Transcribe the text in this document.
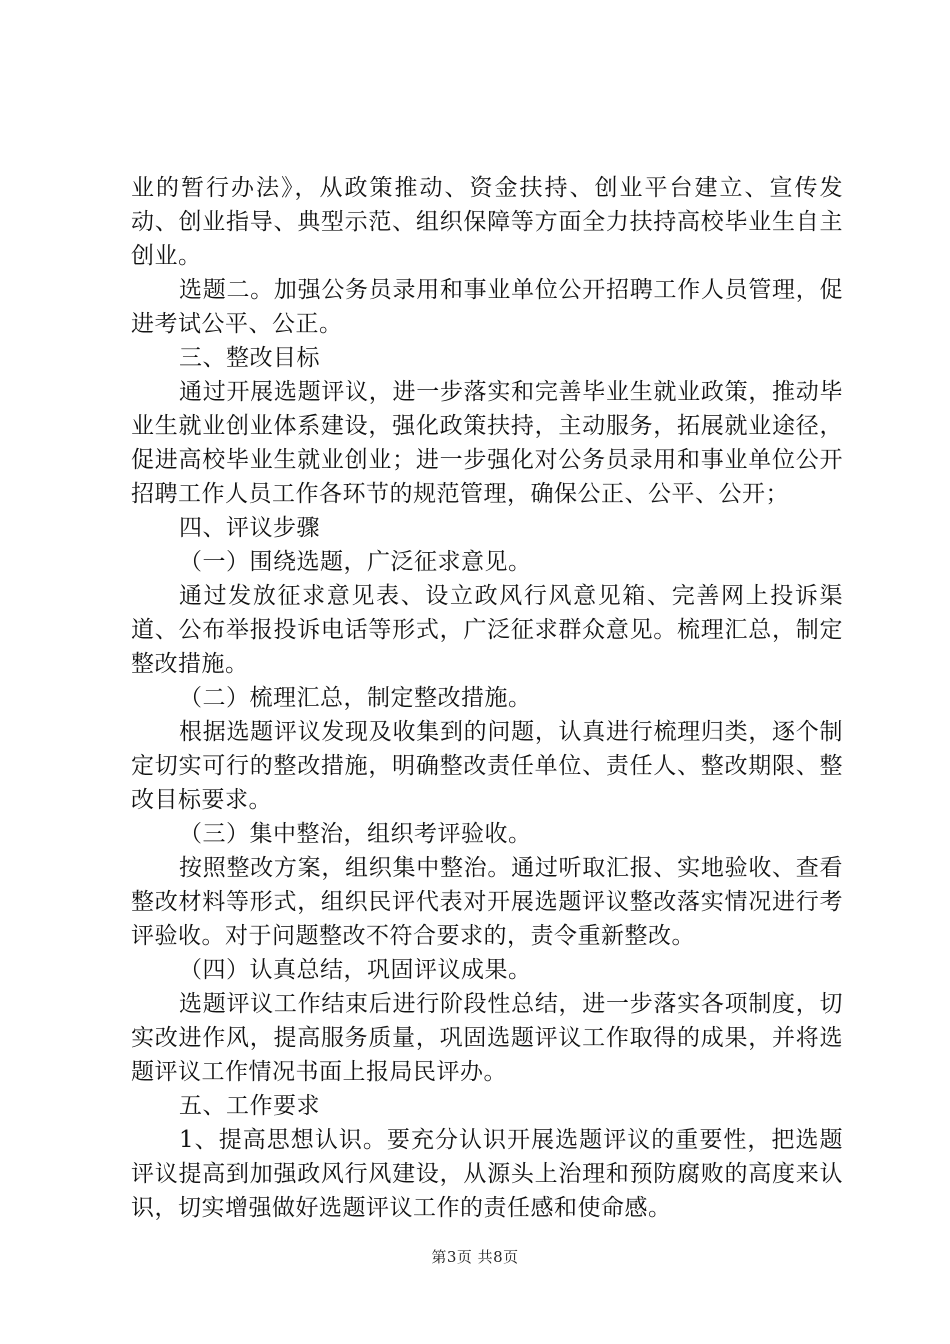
业的暂行办法》，从政策推动、资金扶持、创业平台建立、宣传发动、创业指导、典型示范、组织保障等方面全力扶持高校毕业生自主创业。

选题二。加强公务员录用和事业单位公开招聘工作人员管理，促进考试公平、公正。

三、整改目标

通过开展选题评议，进一步落实和完善毕业生就业政策，推动毕业生就业创业体系建设，强化政策扶持，主动服务，拓展就业途径，促进高校毕业生就业创业；进一步强化对公务员录用和事业单位公开招聘工作人员工作各环节的规范管理，确保公正、公平、公开；

四、评议步骤

（一）围绕选题，广泛征求意见。

通过发放征求意见表、设立政风行风意见箱、完善网上投诉渠道、公布举报投诉电话等形式，广泛征求群众意见。梳理汇总，制定整改措施。

（二）梳理汇总，制定整改措施。

根据选题评议发现及收集到的问题，认真进行梳理归类，逐个制定切实可行的整改措施，明确整改责任单位、责任人、整改期限、整改目标要求。

（三）集中整治，组织考评验收。

按照整改方案，组织集中整治。通过听取汇报、实地验收、查看整改材料等形式，组织民评代表对开展选题评议整改落实情况进行考评验收。对于问题整改不符合要求的，责令重新整改。

（四）认真总结，巩固评议成果。

选题评议工作结束后进行阶段性总结，进一步落实各项制度，切实改进作风，提高服务质量，巩固选题评议工作取得的成果，并将选题评议工作情况书面上报局民评办。

五、工作要求

1、提高思想认识。要充分认识开展选题评议的重要性，把选题评议提高到加强政风行风建设，从源头上治理和预防腐败的高度来认识，切实增强做好选题评议工作的责任感和使命感。

第3页 共8页
